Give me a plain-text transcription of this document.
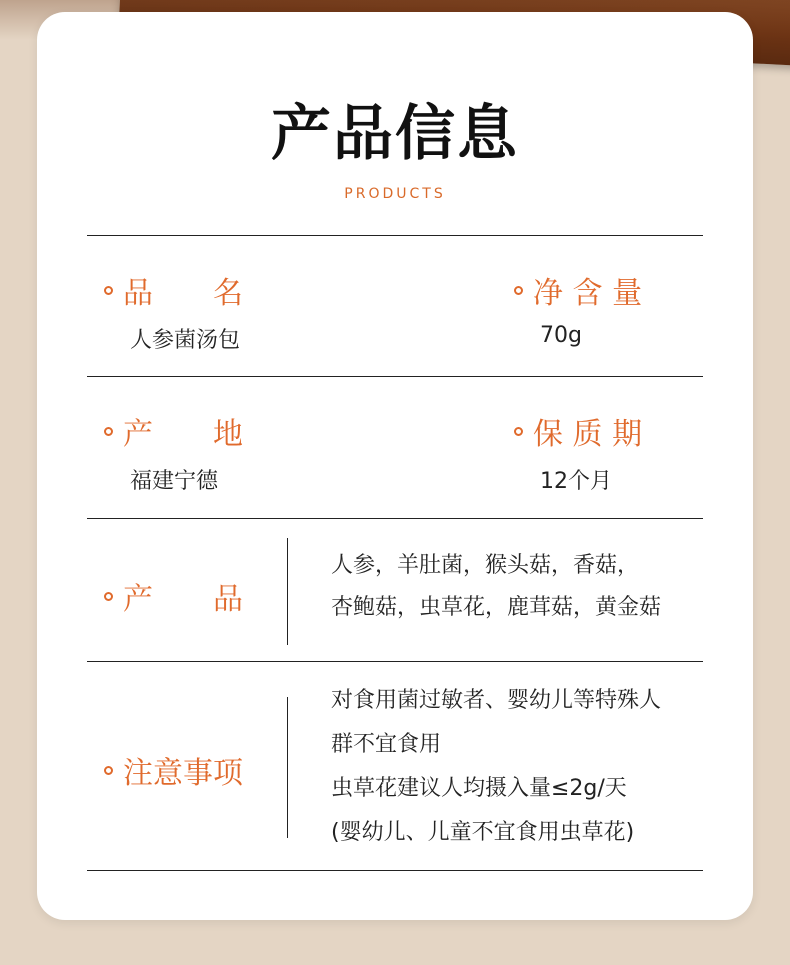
产品信息
PRODUCTS
品　　名
人参菌汤包
净 含 量
70g
产　　地
福建宁德
保 质 期
12个月
产　　品
人参，羊肚菌，猴头菇，香菇，
杏鲍菇，虫草花，鹿茸菇，黄金菇
注意事项
对食用菌过敏者、婴幼儿等特殊人
群不宜食用
虫草花建议人均摄入量≤2g/天
(婴幼儿、儿童不宜食用虫草花)
